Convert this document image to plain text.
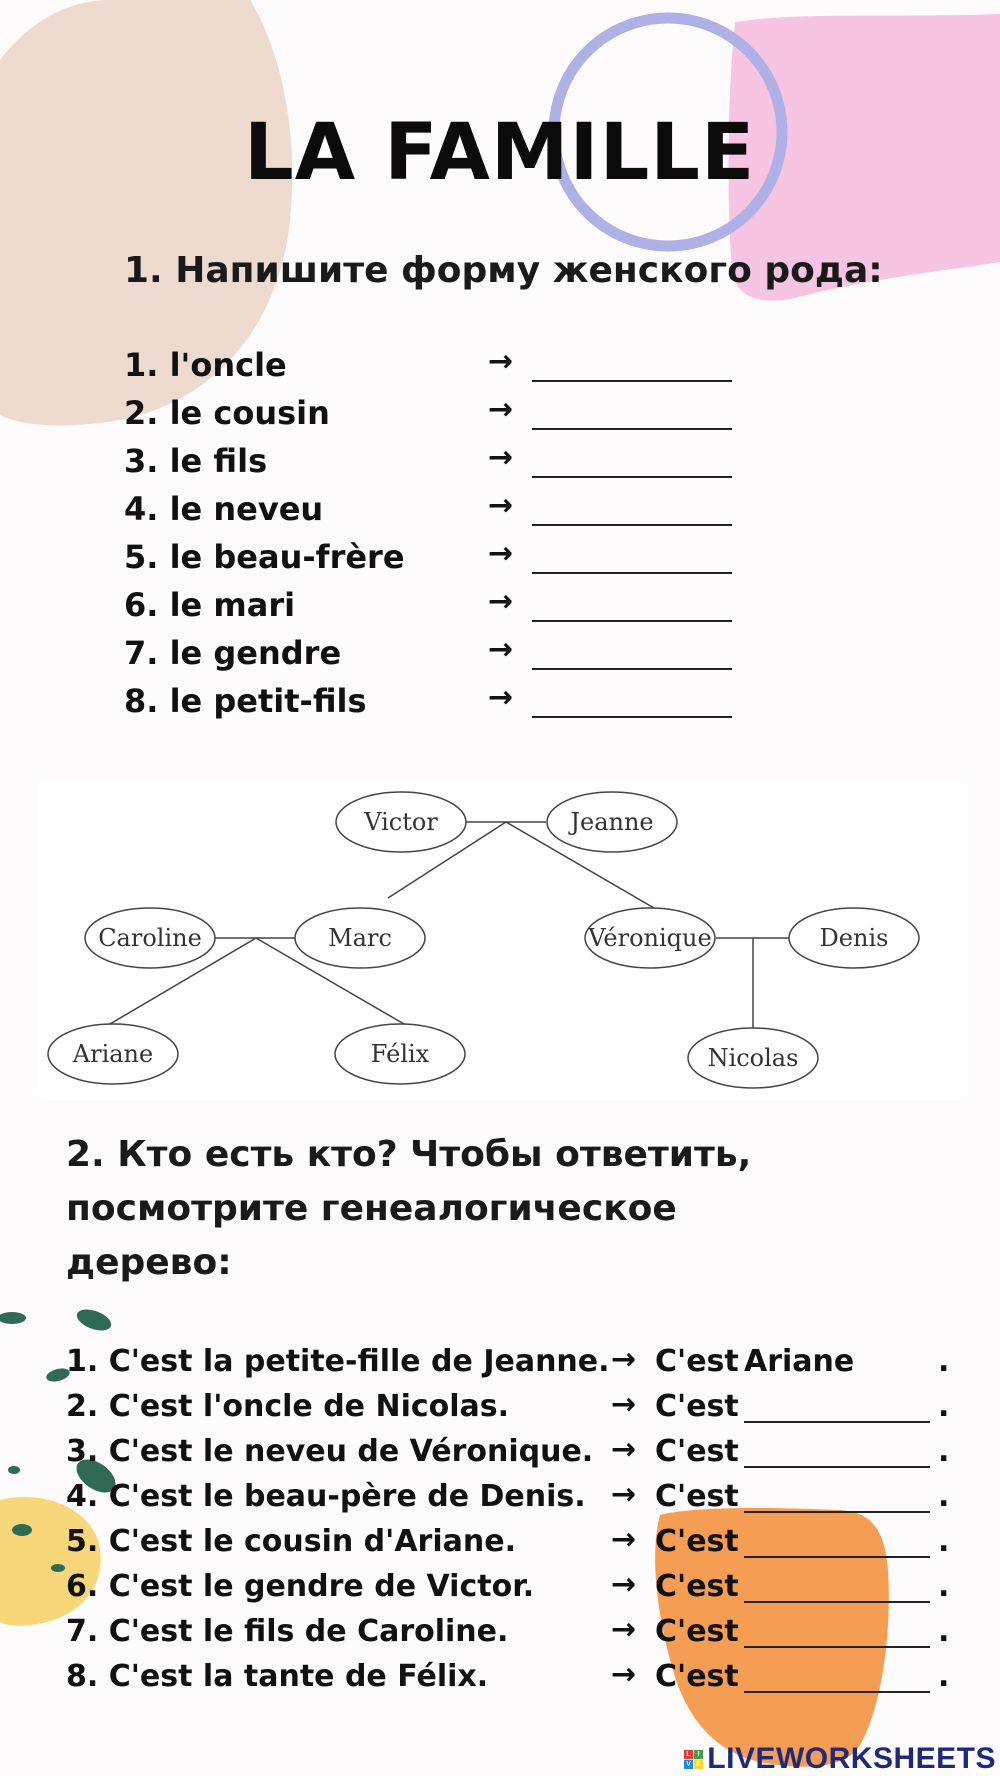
LA FAMILLE
1. Напишите форму женского рода:
1. l'oncle	→
2. le cousin	→
3. le fils	→
4. le neveu	→
5. le beau-frère	→
6. le mari	→
7. le gendre	→
8. le petit-fils	→
Victor	Jeanne
Caroline	Marc	Véronique	Denis
Ariane	Félix	Nicolas
2. Кто есть кто? Чтобы ответить, посмотрите генеалогическое дерево:
1. C'est la petite-fille de Jeanne. → C'est Ariane	.
2. C'est l'oncle de Nicolas.	→ C'est	.
3. C'est le neveu de Véronique. → C'est	.
4. C'est le beau-père de Denis. → C'est	.
5. C'est le cousin d'Ariane.	→ C'est	.
6. C'est le gendre de Victor.	→ C'est	.
7. C'est le fils de Caroline.	→ C'est	.
8. C'est la tante de Félix.	→ C'est	.
L I
V E LIVEWORKSHEETS
